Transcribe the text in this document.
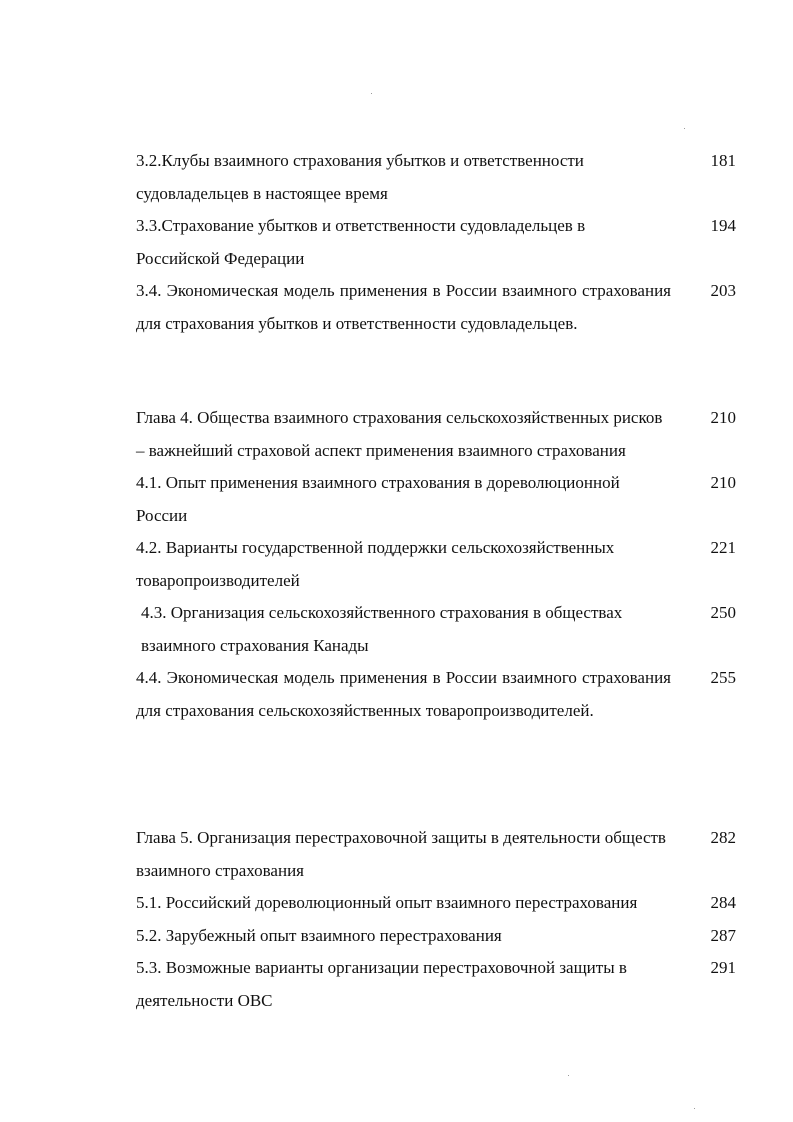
3.2.Клубы взаимного страхования убытков и ответственности судовладельцев в настоящее время

181

3.3.Страхование убытков и ответственности судовладельцев в Российской Федерации

194

3.4. Экономическая модель применения в России взаимного страхования для страхования убытков и ответственности судовладельцев.

203

Глава 4. Общества взаимного страхования сельскохозяйственных рисков – важнейший страховой аспект применения взаимного страхования

210

4.1. Опыт применения взаимного страхования в дореволюционной России

210

4.2. Варианты государственной поддержки сельскохозяйственных товаропроизводителей

221

4.3. Организация сельскохозяйственного страхования в обществах взаимного страхования Канады

250

4.4. Экономическая модель применения в России взаимного страхования для страхования сельскохозяйственных товаропроизводителей.

255

Глава 5. Организация перестраховочной защиты в деятельности обществ взаимного страхования

282

5.1. Российский дореволюционный опыт взаимного перестрахования	284

5.2. Зарубежный опыт взаимного перестрахования	287

5.3. Возможные варианты организации перестраховочной защиты в деятельности ОВС

291
